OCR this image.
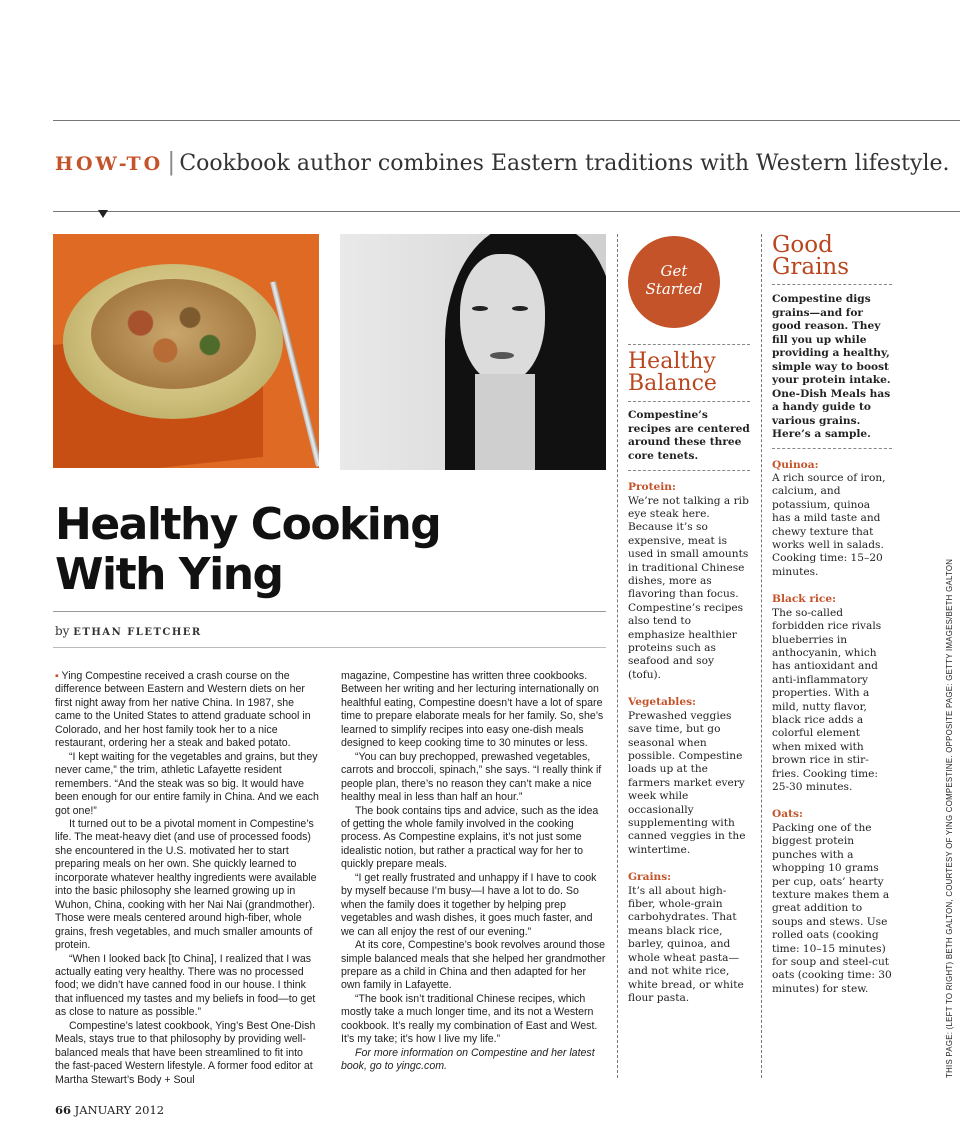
HOW-TO | Cookbook author combines Eastern traditions with Western lifestyle.
Healthy Cooking
With Ying
by ETHAN FLETCHER

▪ Ying Compestine received a crash course on the difference between Eastern and Western diets on her first night away from her native China. In 1987, she came to the United States to attend graduate school in Colorado, and her host family took her to a nice restaurant, ordering her a steak and baked potato.

“I kept waiting for the vegetables and grains, but they never came,” the trim, athletic Lafayette resident remembers. “And the steak was so big. It would have been enough for our entire family in China. And we each got one!”

It turned out to be a pivotal moment in Compestine’s life. The meat-heavy diet (and use of processed foods) she encountered in the U.S. motivated her to start preparing meals on her own. She quickly learned to incorporate whatever healthy ingredients were available into the basic philosophy she learned growing up in Wuhon, China, cooking with her Nai Nai (grandmother). Those were meals centered around high-fiber, whole grains, fresh vegetables, and much smaller amounts of protein.

“When I looked back [to China], I realized that I was actually eating very healthy. There was no processed food; we didn’t have canned food in our house. I think that influenced my tastes and my beliefs in food—to get as close to nature as possible.”

Compestine’s latest cookbook, Ying’s Best One-Dish Meals, stays true to that philosophy by providing well-balanced meals that have been streamlined to fit into the fast-paced Western lifestyle. A former food editor at Martha Stewart’s Body + Soul

magazine, Compestine has written three cookbooks. Between her writing and her lecturing internationally on healthful eating, Compestine doesn’t have a lot of spare time to prepare elaborate meals for her family. So, she’s learned to simplify recipes into easy one-dish meals designed to keep cooking time to 30 minutes or less.

“You can buy prechopped, prewashed vegetables, carrots and broccoli, spinach,” she says. “I really think if people plan, there’s no reason they can’t make a nice healthy meal in less than half an hour.”

The book contains tips and advice, such as the idea of getting the whole family involved in the cooking process. As Compestine explains, it’s not just some idealistic notion, but rather a practical way for her to quickly prepare meals.

“I get really frustrated and unhappy if I have to cook by myself because I’m busy—I have a lot to do. So when the family does it together by helping prep vegetables and wash dishes, it goes much faster, and we can all enjoy the rest of our evening.”

At its core, Compestine’s book revolves around those simple balanced meals that she helped her grandmother prepare as a child in China and then adapted for her own family in Lafayette.

“The book isn’t traditional Chinese recipes, which mostly take a much longer time, and its not a Western cookbook. It’s really my combination of East and West. It’s my take; it’s how I live my life.”

For more information on Compestine and her latest book, go to yingc.com.

Get
Started
Healthy
Balance
Compestine’s recipes are centered around these three core tenets.
Protein:
We’re not talking a rib eye steak here. Because it’s so expensive, meat is used in small amounts in traditional Chinese dishes, more as flavoring than focus. Compestine’s recipes also tend to emphasize healthier proteins such as seafood and soy (tofu).
Vegetables:
Prewashed veggies save time, but go seasonal when possible. Compestine loads up at the farmers market every week while occasionally supplementing with canned veggies in the wintertime.
Grains:
It’s all about high-fiber, whole-grain carbohydrates. That means black rice, barley, quinoa, and whole wheat pasta—and not white rice, white bread, or white flour pasta.
Good
Grains
Compestine digs grains—and for good reason. They fill you up while providing a healthy, simple way to boost your protein intake. One-Dish Meals has a handy guide to various grains. Here’s a sample.
Quinoa:
A rich source of iron, calcium, and potassium, quinoa has a mild taste and chewy texture that works well in salads. Cooking time: 15–20 minutes.
Black rice:
The so-called forbidden rice rivals blueberries in anthocyanin, which has antioxidant and anti-inflammatory properties. With a mild, nutty flavor, black rice adds a colorful element when mixed with brown rice in stir-fries. Cooking time: 25-30 minutes.
Oats:
Packing one of the biggest protein punches with a whopping 10 grams per cup, oats’ hearty texture makes them a great addition to soups and stews. Use rolled oats (cooking time: 10–15 minutes) for soup and steel-cut oats (cooking time: 30 minutes) for stew.	THIS PAGE: (LEFT TO RIGHT) BETH GALTON, COURTESY OF YING COMPESTINE. OPPOSITE PAGE: GETTY IMAGES/BETH GALTON
66 JANUARY 2012
